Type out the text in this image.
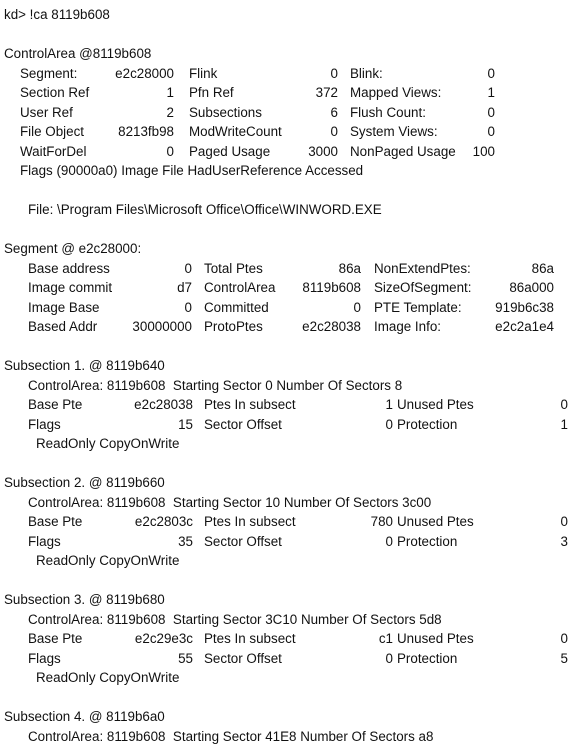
kd> !ca 8119b608
ControlArea @8119b608
Segment:	e2c28000 Flink	0 Blink:	0
Section Ref	1 Pfn Ref	372 Mapped Views:	1
User Ref	2 Subsections	6 Flush Count:	0
File Object	8213fb98 ModWriteCount	0 System Views:	0
WaitForDel	0 Paged Usage	3000 NonPaged Usage 100
Flags (90000a0) Image File HadUserReference Accessed
File: \Program Files\Microsoft Office\Office\WINWORD.EXE
Segment @ e2c28000:
Base address	0 Total Ptes	86a NonExtendPtes:	86a
Image commit	d7 ControlArea 8119b608 SizeOfSegment:	86a000
Image Base	0 Committed	0 PTE Template:	919b6c38
Based Addr	30000000 ProtoPtes	e2c28038 Image Info:	e2c2a1e4
Subsection 1. @ 8119b640
ControlArea: 8119b608  Starting Sector 0 Number Of Sectors 8
Base Pte	e2c28038 Ptes In subsect	1 Unused Ptes	0
Flags	15 Sector Offset	0 Protection	1
ReadOnly CopyOnWrite
Subsection 2. @ 8119b660
ControlArea: 8119b608  Starting Sector 10 Number Of Sectors 3c00
Base Pte	e2c2803c Ptes In subsect	780 Unused Ptes	0
Flags	35 Sector Offset	0 Protection	3
ReadOnly CopyOnWrite
Subsection 3. @ 8119b680
ControlArea: 8119b608  Starting Sector 3C10 Number Of Sectors 5d8
Base Pte	e2c29e3c Ptes In subsect	c1 Unused Ptes	0
Flags	55 Sector Offset	0 Protection	5
ReadOnly CopyOnWrite
Subsection 4. @ 8119b6a0
ControlArea: 8119b608  Starting Sector 41E8 Number Of Sectors a8
